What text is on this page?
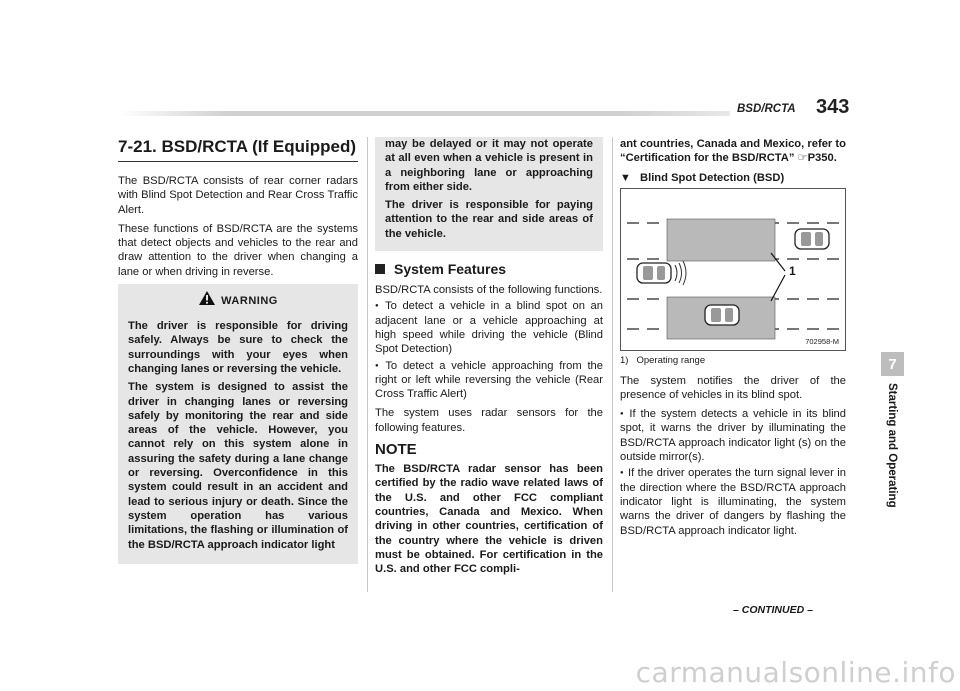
BSD/RCTA 343
7-21. BSD/RCTA (If Equipped)

The BSD/RCTA consists of rear corner radars with Blind Spot Detection and Rear Cross Traffic Alert.

These functions of BSD/RCTA are the systems that detect objects and vehicles to the rear and draw attention to the driver when changing a lane or when driving in reverse.

WARNING

The driver is responsible for driving safely. Always be sure to check the surroundings with your eyes when changing lanes or reversing the vehicle.

The system is designed to assist the driver in changing lanes or reversing safely by monitoring the rear and side areas of the vehicle. However, you cannot rely on this system alone in assuring the safety during a lane change or reversing. Overconfidence in this system could result in an accident and lead to serious injury or death. Since the system operation has various limitations, the flashing or illumination of the BSD/RCTA approach indicator light

may be delayed or it may not operate at all even when a vehicle is present in a neighboring lane or approaching from either side.

The driver is responsible for paying attention to the rear and side areas of the vehicle.

System Features

BSD/RCTA consists of the following functions.

● To detect a vehicle in a blind spot on an adjacent lane or a vehicle approaching at high speed while driving the vehicle (Blind Spot Detection)

● To detect a vehicle approaching from the right or left while reversing the vehicle (Rear Cross Traffic Alert)

The system uses radar sensors for the following features.

NOTE

The BSD/RCTA radar sensor has been certified by the radio wave related laws of the U.S. and other FCC compliant countries, Canada and Mexico. When driving in other countries, certification of the country where the vehicle is driven must be obtained. For certification in the U.S. and other FCC compli-

ant countries, Canada and Mexico, refer to “Certification for the BSD/RCTA” ☞P350.

▼ Blind Spot Detection (BSD)
1
702958-M
1) Operating range

The system notifies the driver of the presence of vehicles in its blind spot.

● If the system detects a vehicle in its blind spot, it warns the driver by illuminating the BSD/RCTA approach indicator light (s) on the outside mirror(s).

● If the driver operates the turn signal lever in the direction where the BSD/RCTA approach indicator light is illuminating, the system warns the driver of dangers by flashing the BSD/RCTA approach indicator light.

– CONTINUED –
7
Starting and Operating
carmanualsonline.info
